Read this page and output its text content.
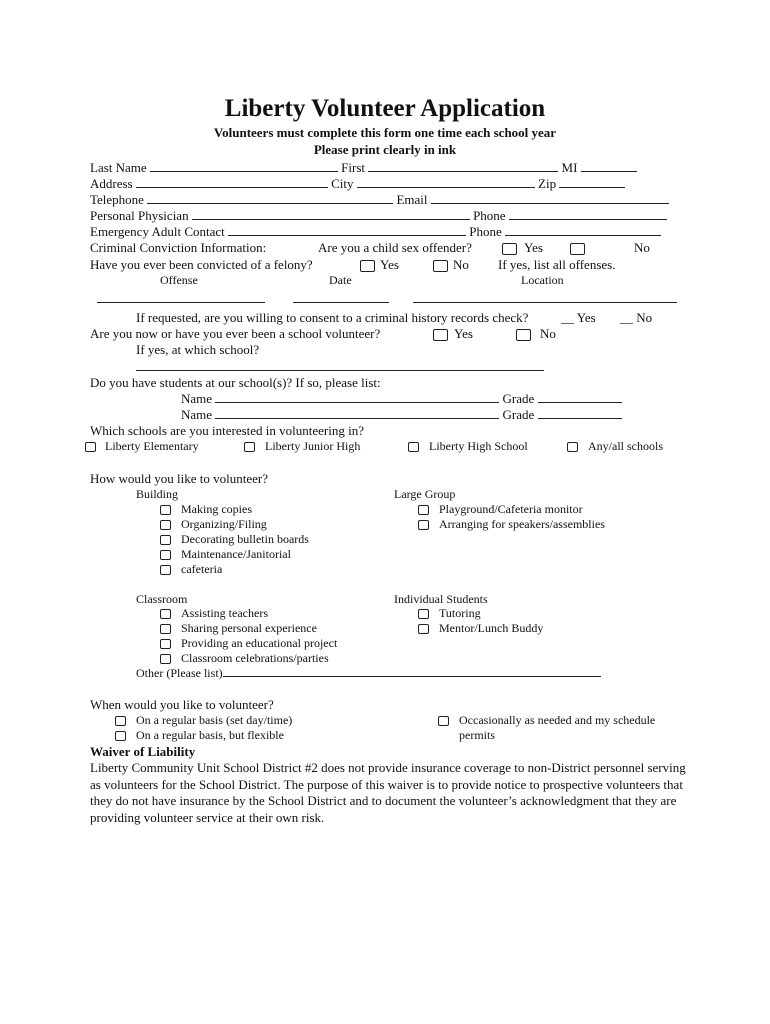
Liberty Volunteer Application
Volunteers must complete this form one time each school year
Please print clearly in ink
Last Name	First	MI
Address	City	Zip
Telephone	Email
Personal Physician	Phone
Emergency Adult Contact	Phone
Criminal Conviction Information:	Are you a child sex offender?	Yes	No
Have you ever been convicted of a felony?	Yes	No If yes, list all offenses.
Offense	Date	Location
If requested, are you willing to consent to a criminal history records check?	__ Yes __ No
Are you now or have you ever been a school volunteer?	Yes	No
If yes, at which school?
Do you have students at our school(s)? If so, please list:
Name	Grade
Name	Grade
Which schools are you interested in volunteering in?
Liberty Elementary	Liberty Junior High	Liberty High School	Any/all schools
How would you like to volunteer?
Building
Making copies
Organizing/Filing
Decorating bulletin boards
Maintenance/Janitorial
cafeteria
Large Group
Playground/Cafeteria monitor
Arranging for speakers/assemblies
Classroom
Assisting teachers
Sharing personal experience
Providing an educational project
Classroom celebrations/parties
Individual Students
Tutoring
Mentor/Lunch Buddy
Other (Please list)
When would you like to volunteer?
On a regular basis (set day/time)
On a regular basis, but flexible
Occasionally as needed and my schedule
permits
Waiver of Liability
Liberty Community Unit School District #2 does not provide insurance coverage to non-District personnel serving as volunteers for the School District. The purpose of this waiver is to provide notice to prospective volunteers that they do not have insurance by the School District and to document the volunteer’s acknowledgment that they are providing volunteer service at their own risk.
